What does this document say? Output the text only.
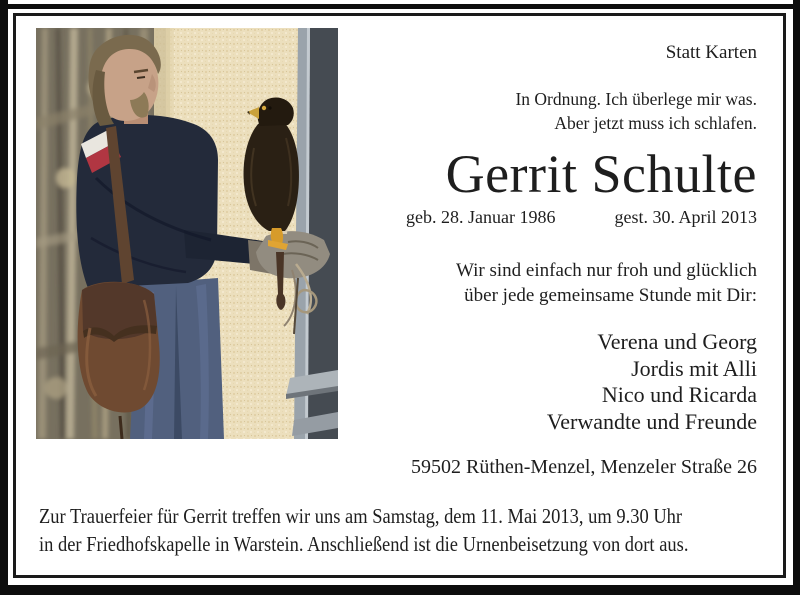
Statt Karten
In Ordnung. Ich überlege mir was.
Aber jetzt muss ich schlafen.
Gerrit Schulte
geb. 28. Januar 1986	gest. 30. April 2013
Wir sind einfach nur froh und glücklich
über jede gemeinsame Stunde mit Dir:
Verena und Georg
Jordis mit Alli
Nico und Ricarda
Verwandte und Freunde
59502 Rüthen-Menzel, Menzeler Straße 26
Zur Trauerfeier für Gerrit treffen wir uns am Samstag, dem 11. Mai 2013, um 9.30 Uhr
in der Friedhofskapelle in Warstein. Anschließend ist die Urnenbeisetzung von dort aus.
